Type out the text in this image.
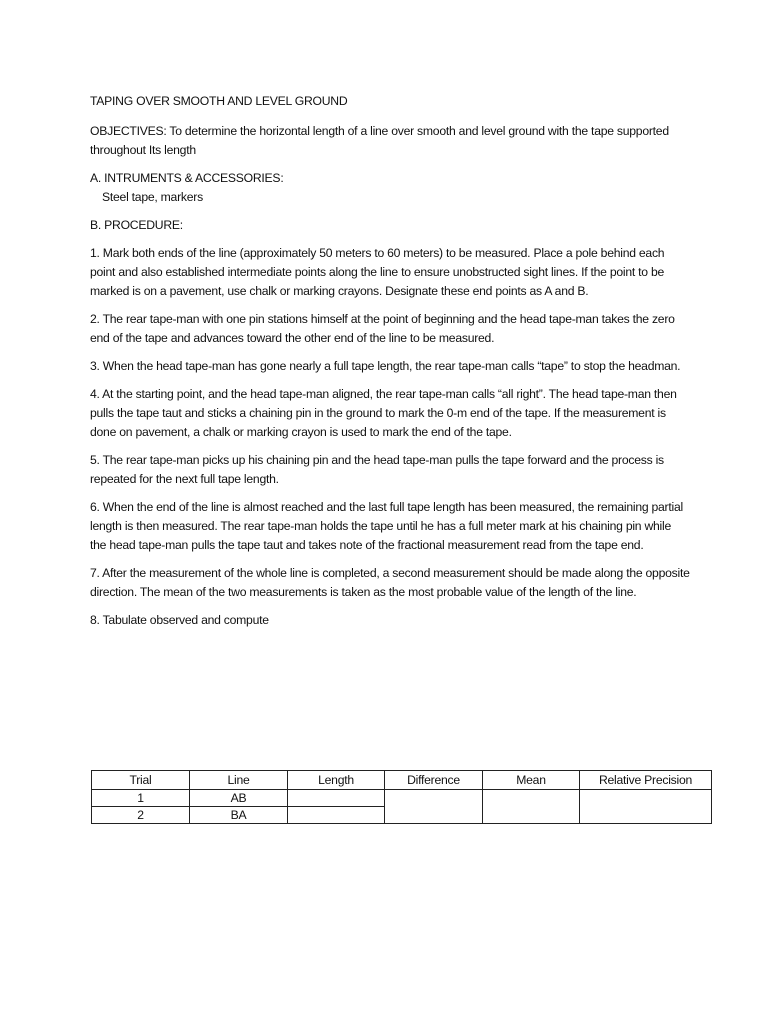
TAPING OVER SMOOTH AND LEVEL GROUND

OBJECTIVES: To determine the horizontal length of a line over smooth and level ground with the tape supported throughout Its length

A. INTRUMENTS & ACCESSORIES:
Steel tape, markers

B. PROCEDURE:

1. Mark both ends of the line (approximately 50 meters to 60 meters) to be measured. Place a pole behind each point and also established intermediate points along the line to ensure unobstructed sight lines. If the point to be marked is on a pavement, use chalk or marking crayons. Designate these end points as A and B.

2. The rear tape-man with one pin stations himself at the point of beginning and the head tape-man takes the zero end of the tape and advances toward the other end of the line to be measured.

3. When the head tape-man has gone nearly a full tape length, the rear tape-man calls “tape” to stop the headman.

4. At the starting point, and the head tape-man aligned, the rear tape-man calls “all right”. The head tape-man then pulls the tape taut and sticks a chaining pin in the ground to mark the 0-m end of the tape. If the measurement is done on pavement, a chalk or marking crayon is used to mark the end of the tape.

5. The rear tape-man picks up his chaining pin and the head tape-man pulls the tape forward and the process is repeated for the next full tape length.

6. When the end of the line is almost reached and the last full tape length has been measured, the remaining partial length is then measured. The rear tape-man holds the tape until he has a full meter mark at his chaining pin while the head tape-man pulls the tape taut and takes note of the fractional measurement read from the tape end.

7. After the measurement of the whole line is completed, a second measurement should be made along the opposite direction. The mean of the two measurements is taken as the most probable value of the length of the line.

8. Tabulate observed and compute

Trial	Line	Length	Difference	Mean	Relative Precision
1	AB				
2	BA				
